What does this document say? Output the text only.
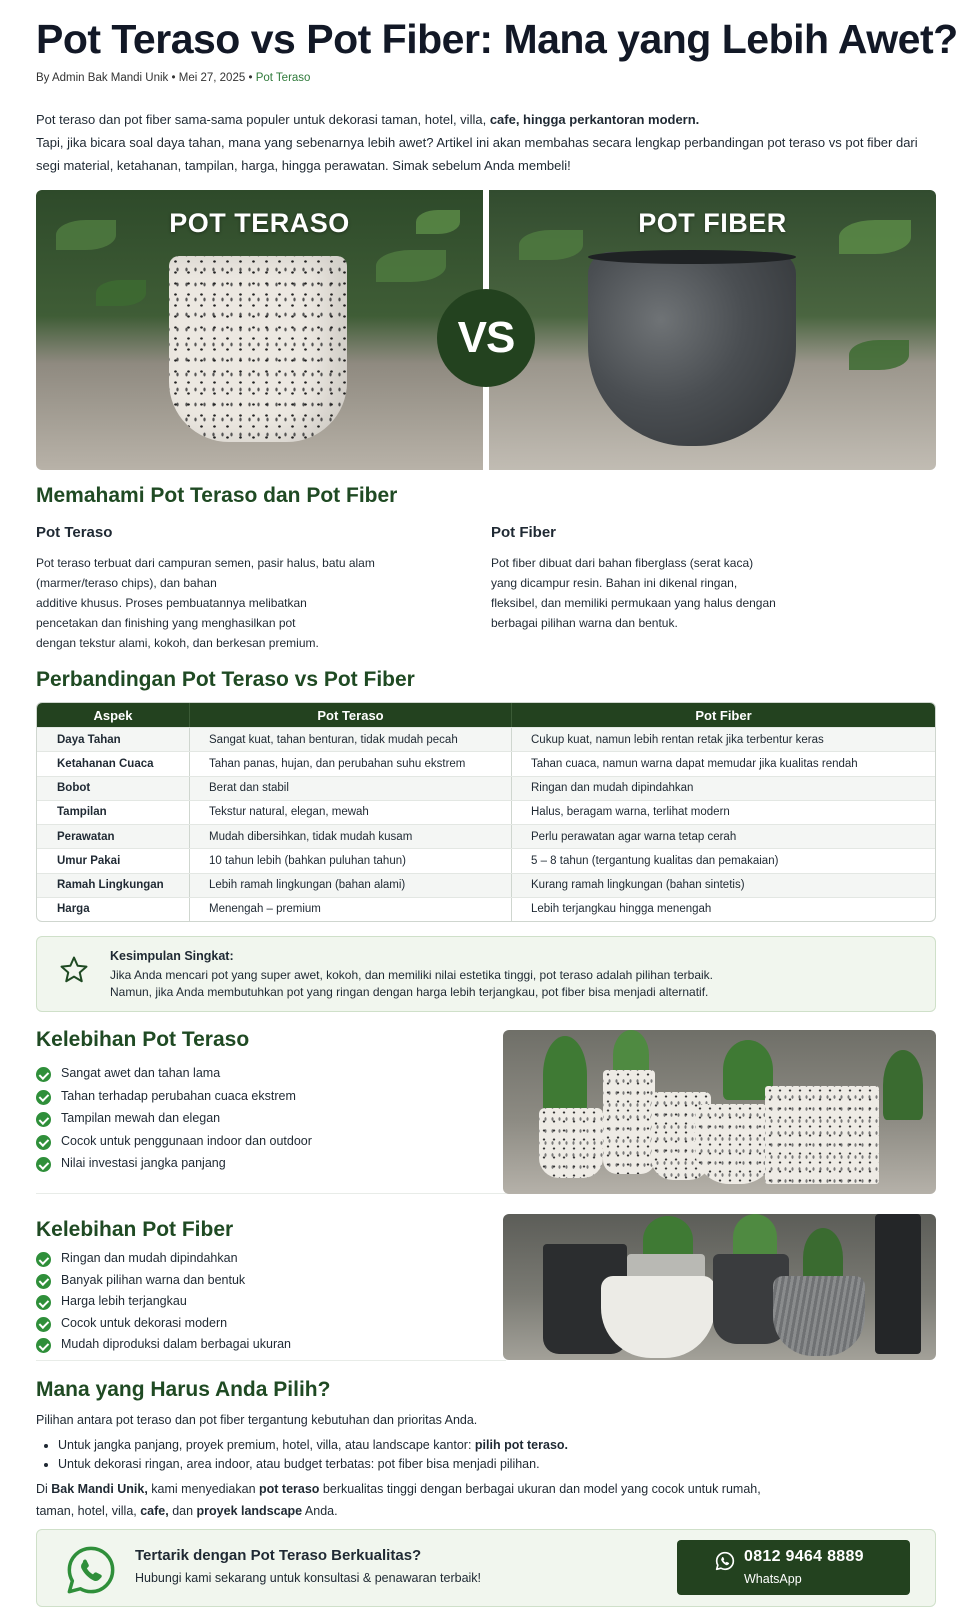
Pot Teraso vs Pot Fiber: Mana yang Lebih Awet?
By Admin Bak Mandi Unik • Mei 27, 2025 • Pot Teraso
Pot teraso dan pot fiber sama-sama populer untuk dekorasi taman, hotel, villa, cafe, hingga perkantoran modern.
Tapi, jika bicara soal daya tahan, mana yang sebenarnya lebih awet? Artikel ini akan membahas secara lengkap perbandingan pot teraso vs pot fiber dari segi material, ketahanan, tampilan, harga, hingga perawatan. Simak sebelum Anda membeli!
POT TERASO	POT FIBER
VS
Memahami Pot Teraso dan Pot Fiber
Pot Teraso
Pot teraso terbuat dari campuran semen, pasir halus, batu alam
(marmer/teraso chips), dan bahan
additive khusus. Proses pembuatannya melibatkan
pencetakan dan finishing yang menghasilkan pot
dengan tekstur alami, kokoh, dan berkesan premium.
Pot Fiber
Pot fiber dibuat dari bahan fiberglass (serat kaca)
yang dicampur resin. Bahan ini dikenal ringan,
fleksibel, dan memiliki permukaan yang halus dengan
berbagai pilihan warna dan bentuk.
Perbandingan Pot Teraso vs Pot Fiber
Aspek	Pot Teraso	Pot Fiber
Daya Tahan	Sangat kuat, tahan benturan, tidak mudah pecah	Cukup kuat, namun lebih rentan retak jika terbentur keras
Ketahanan Cuaca	Tahan panas, hujan, dan perubahan suhu ekstrem	Tahan cuaca, namun warna dapat memudar jika kualitas rendah
Bobot	Berat dan stabil	Ringan dan mudah dipindahkan
Tampilan	Tekstur natural, elegan, mewah	Halus, beragam warna, terlihat modern
Perawatan	Mudah dibersihkan, tidak mudah kusam	Perlu perawatan agar warna tetap cerah
Umur Pakai	10 tahun lebih (bahkan puluhan tahun)	5 – 8 tahun (tergantung kualitas dan pemakaian)
Ramah Lingkungan	Lebih ramah lingkungan (bahan alami)	Kurang ramah lingkungan (bahan sintetis)
Harga	Menengah – premium	Lebih terjangkau hingga menengah
Kesimpulan Singkat:
Jika Anda mencari pot yang super awet, kokoh, dan memiliki nilai estetika tinggi, pot teraso adalah pilihan terbaik.
Namun, jika Anda membutuhkan pot yang ringan dengan harga lebih terjangkau, pot fiber bisa menjadi alternatif.
Kelebihan Pot Teraso
Sangat awet dan tahan lama
Tahan terhadap perubahan cuaca ekstrem
Tampilan mewah dan elegan
Cocok untuk penggunaan indoor dan outdoor
Nilai investasi jangka panjang
Kelebihan Pot Fiber
Ringan dan mudah dipindahkan
Banyak pilihan warna dan bentuk
Harga lebih terjangkau
Cocok untuk dekorasi modern
Mudah diproduksi dalam berbagai ukuran
Mana yang Harus Anda Pilih?
Pilihan antara pot teraso dan pot fiber tergantung kebutuhan dan prioritas Anda.
• Untuk jangka panjang, proyek premium, hotel, villa, atau landscape kantor: pilih pot teraso.
• Untuk dekorasi ringan, area indoor, atau budget terbatas: pot fiber bisa menjadi pilihan.
Di Bak Mandi Unik, kami menyediakan pot teraso berkualitas tinggi dengan berbagai ukuran dan model yang cocok untuk rumah,
taman, hotel, villa, cafe, dan proyek landscape Anda.
Tertarik dengan Pot Teraso Berkualitas?
Hubungi kami sekarang untuk konsultasi & penawaran terbaik!
0812 9464 8889
WhatsApp
